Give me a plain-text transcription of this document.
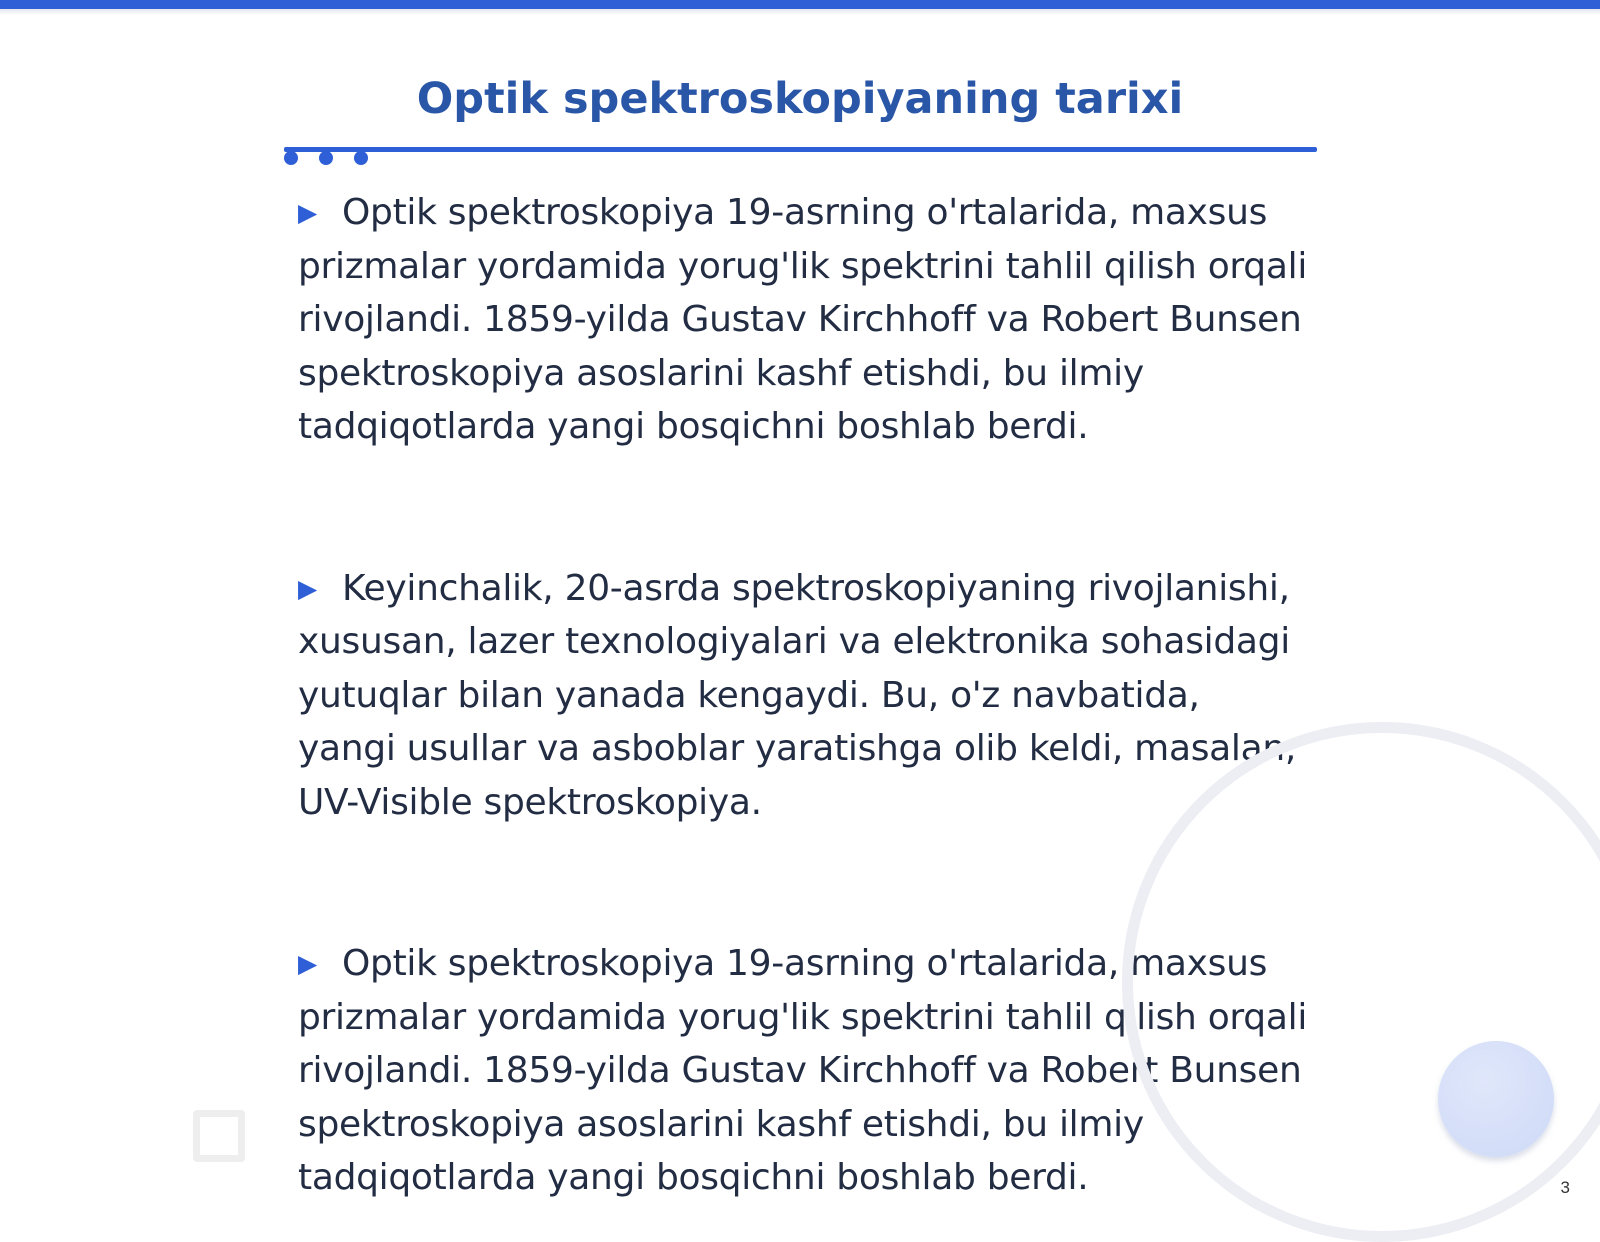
Optik spektroskopiyaning tarixi

▶ Optik spektroskopiya 19-asrning o'rtalarida, maxsus prizmalar yordamida yorug'lik spektrini tahlil qilish orqali rivojlandi. 1859-yilda Gustav Kirchhoff va Robert Bunsen spektroskopiya asoslarini kashf etishdi, bu ilmiy tadqiqotlarda yangi bosqichni boshlab berdi.

▶ Keyinchalik, 20-asrda spektroskopiyaning rivojlanishi, xususan, lazer texnologiyalari va elektronika sohasidagi yutuqlar bilan yanada kengaydi. Bu, o'z navbatida, yangi usullar va asboblar yaratishga olib keldi, masalan, UV-Visible spektroskopiya.

▶ Optik spektroskopiya 19-asrning o'rtalarida, maxsus prizmalar yordamida yorug'lik spektrini tahlil qilish orqali rivojlandi. 1859-yilda Gustav Kirchhoff va Robert Bunsen spektroskopiya asoslarini kashf etishdi, bu ilmiy tadqiqotlarda yangi bosqichni boshlab berdi.	3
